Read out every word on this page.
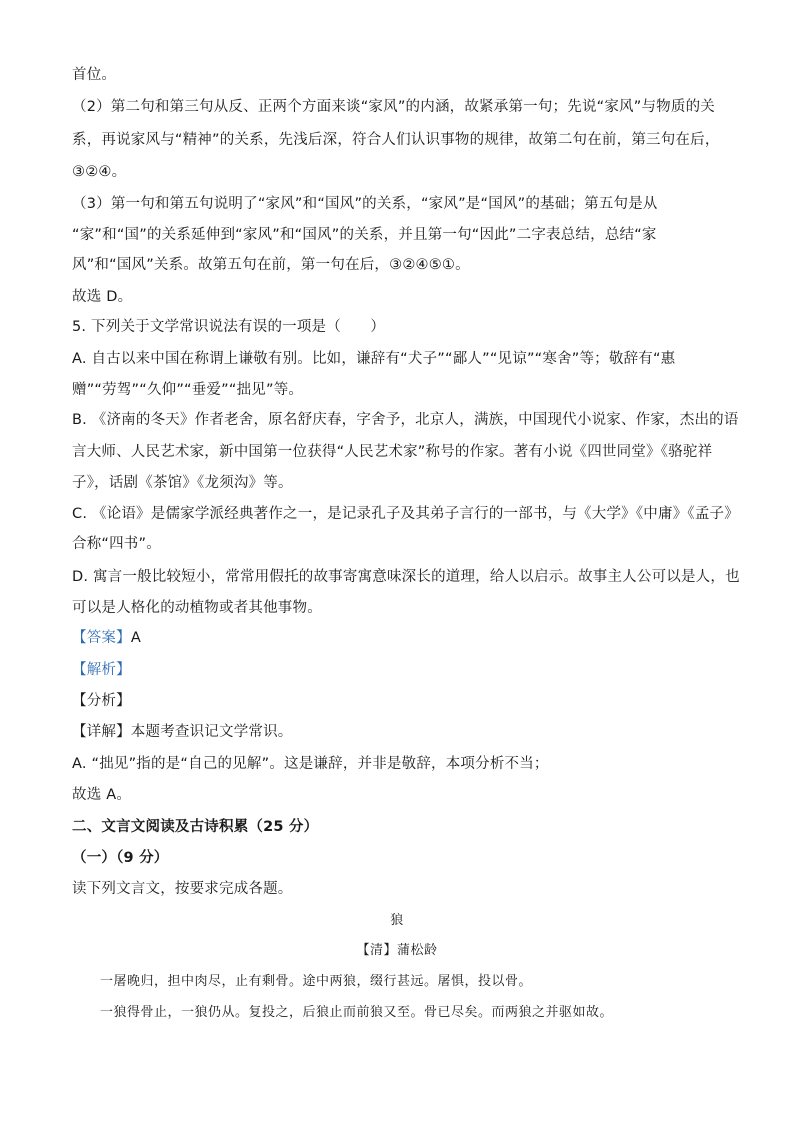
首位。
（2）第二句和第三句从反、正两个方面来谈“家风”的内涵，故紧承第一句；先说“家风”与物质的关
系，再说家风与“精神”的关系，先浅后深，符合人们认识事物的规律，故第二句在前，第三句在后，
③②④。
（3）第一句和第五句说明了“家风”和“国风”的关系，“家风”是“国风”的基础；第五句是从
“家”和“国”的关系延伸到“家风”和“国风”的关系，并且第一句“因此”二字表总结，总结“家
风”和“国风”关系。故第五句在前，第一句在后，③②④⑤①。
故选 D。
5. 下列关于文学常识说法有误的一项是（　　）
A. 自古以来中国在称谓上谦敬有别。比如，谦辞有“犬子”“鄙人”“见谅”“寒舍”等；敬辞有“惠
赠”“劳驾”“久仰”“垂爱”“拙见”等。
B. 《济南的冬天》作者老舍，原名舒庆春，字舍予，北京人，满族，中国现代小说家、作家，杰出的语
言大师、人民艺术家，新中国第一位获得“人民艺术家”称号的作家。著有小说《四世同堂》《骆驼祥
子》，话剧《茶馆》《龙须沟》等。
C. 《论语》是儒家学派经典著作之一，是记录孔子及其弟子言行的一部书，与《大学》《中庸》《孟子》
合称“四书”。
D. 寓言一般比较短小，常常用假托的故事寄寓意味深长的道理，给人以启示。故事主人公可以是人，也
可以是人格化的动植物或者其他事物。
【答案】A
【解析】
【分析】
【详解】本题考查识记文学常识。
A. “拙见”指的是“自己的见解”。这是谦辞，并非是敬辞，本项分析不当；
故选 A。
二、文言文阅读及古诗积累（25 分）
（一）（9 分）
读下列文言文，按要求完成各题。
狼
【清】蒲松龄
一屠晚归，担中肉尽，止有剩骨。途中两狼，缀行甚远。屠惧，投以骨。
一狼得骨止，一狼仍从。复投之，后狼止而前狼又至。骨已尽矣。而两狼之并驱如故。
